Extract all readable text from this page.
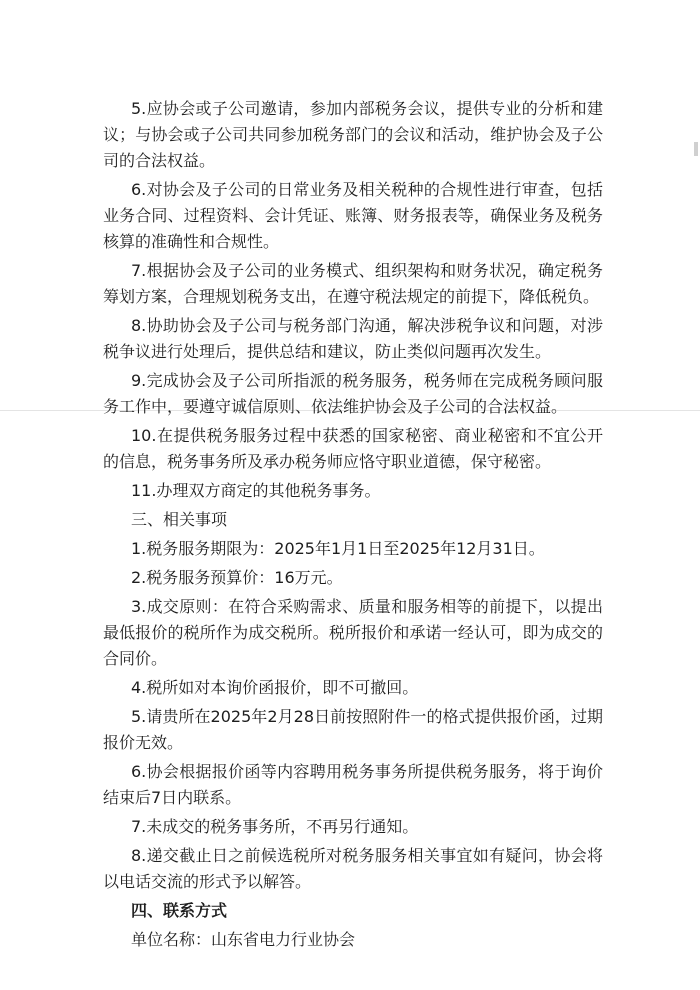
5.应协会或子公司邀请，参加内部税务会议，提供专业的分析和建议；与协会或子公司共同参加税务部门的会议和活动，维护协会及子公司的合法权益。

6.对协会及子公司的日常业务及相关税种的合规性进行审查，包括业务合同、过程资料、会计凭证、账簿、财务报表等，确保业务及税务核算的准确性和合规性。

7.根据协会及子公司的业务模式、组织架构和财务状况，确定税务筹划方案，合理规划税务支出，在遵守税法规定的前提下，降低税负。

8.协助协会及子公司与税务部门沟通，解决涉税争议和问题，对涉税争议进行处理后，提供总结和建议，防止类似问题再次发生。

9.完成协会及子公司所指派的税务服务，税务师在完成税务顾问服务工作中，要遵守诚信原则、依法维护协会及子公司的合法权益。

10.在提供税务服务过程中获悉的国家秘密、商业秘密和不宜公开的信息，税务事务所及承办税务师应恪守职业道德，保守秘密。

11.办理双方商定的其他税务事务。

三、相关事项

1.税务服务期限为：2025年1月1日至2025年12月31日。

2.税务服务预算价：16万元。

3.成交原则：在符合采购需求、质量和服务相等的前提下，以提出最低报价的税所作为成交税所。税所报价和承诺一经认可，即为成交的合同价。

4.税所如对本询价函报价，即不可撤回。

5.请贵所在2025年2月28日前按照附件一的格式提供报价函，过期报价无效。

6.协会根据报价函等内容聘用税务事务所提供税务服务，将于询价结束后7日内联系。

7.未成交的税务事务所，不再另行通知。

8.递交截止日之前候选税所对税务服务相关事宜如有疑问，协会将以电话交流的形式予以解答。

四、联系方式

单位名称：山东省电力行业协会
